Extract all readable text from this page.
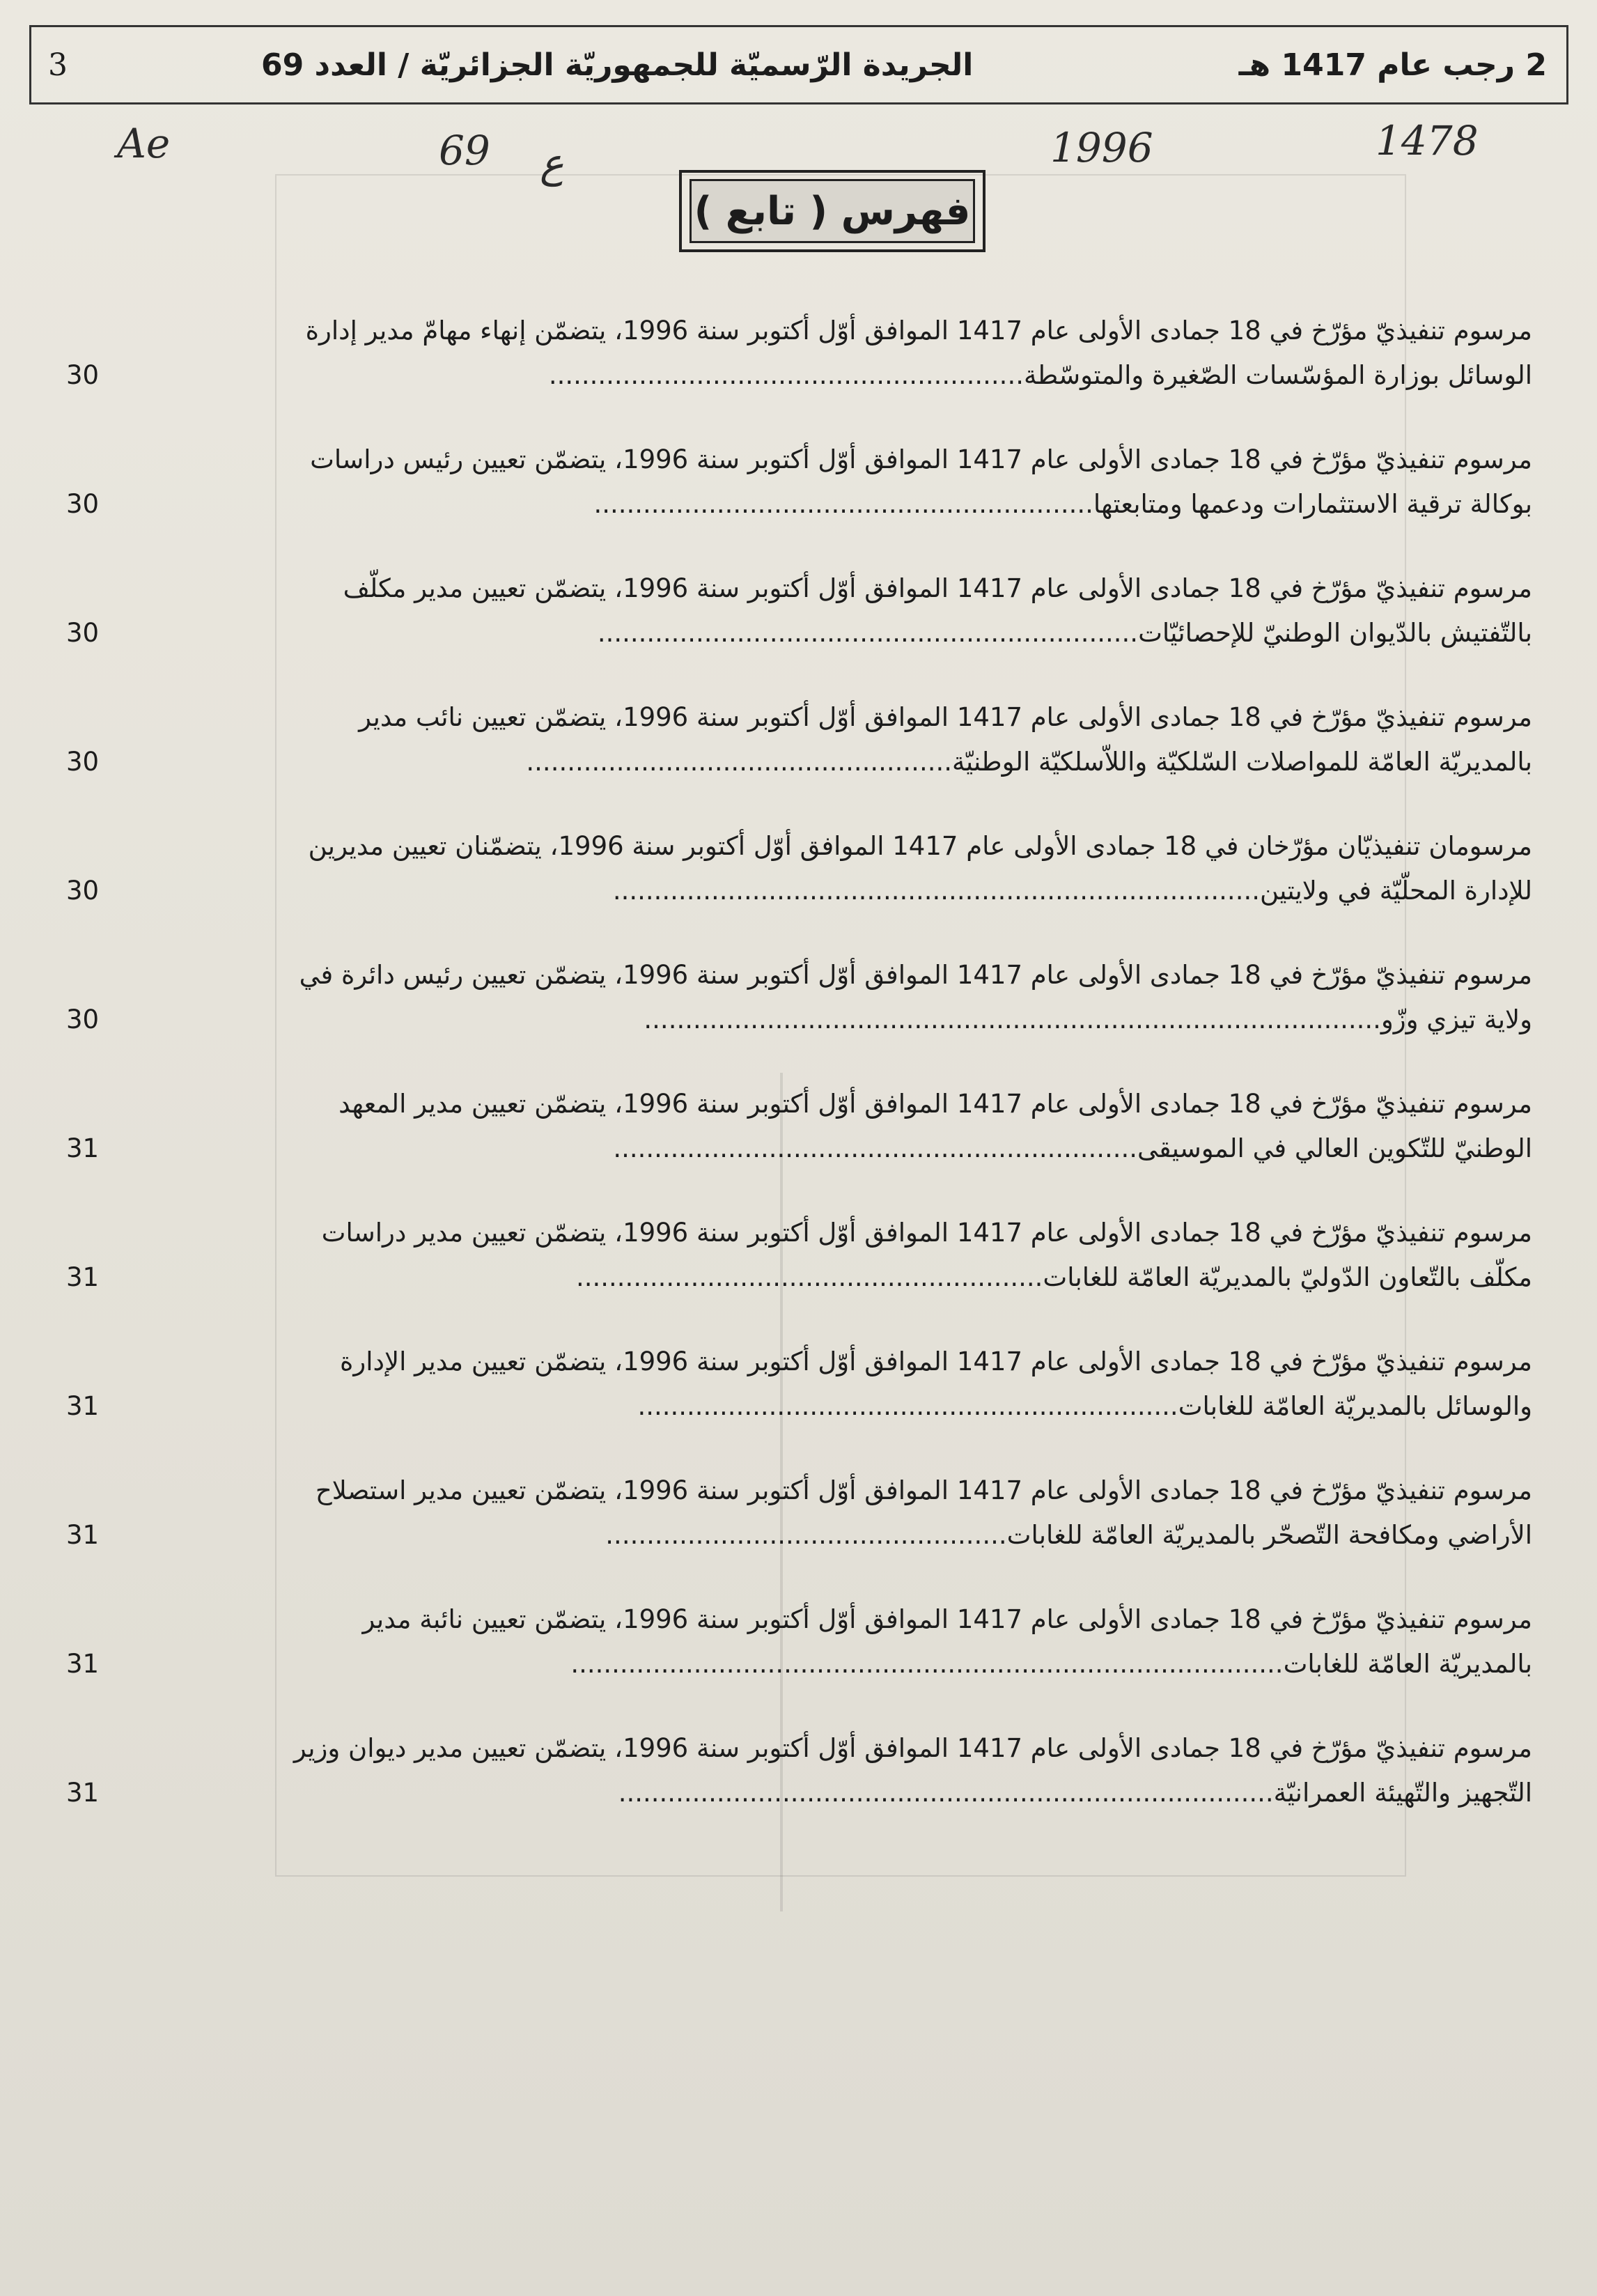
2 رجب عام 1417 هـ
الجريدة الرّسميّة للجمهوريّة الجزائريّة / العدد 69
3
Ae	69 ع	1996	1478
فهرس ( تابع )
مرسوم تنفيذيّ مؤرّخ في 18 جمادى الأولى عام 1417 الموافق أوّل أكتوبر سنة 1996، يتضمّن إنهاء مهامّ مدير إدارة
الوسائل بوزارة المؤسّسات الصّغيرة والمتوسّطة..........................................................
30
مرسوم تنفيذيّ مؤرّخ في 18 جمادى الأولى عام 1417 الموافق أوّل أكتوبر سنة 1996، يتضمّن تعيين رئيس دراسات
بوكالة ترقية الاستثمارات ودعمها ومتابعتها.............................................................
30
مرسوم تنفيذيّ مؤرّخ في 18 جمادى الأولى عام 1417 الموافق أوّل أكتوبر سنة 1996، يتضمّن تعيين مدير مكلّف
بالتّفتيش بالدّيوان الوطنيّ للإحصائيّات..................................................................
30
مرسوم تنفيذيّ مؤرّخ في 18 جمادى الأولى عام 1417 الموافق أوّل أكتوبر سنة 1996، يتضمّن تعيين نائب مدير
بالمديريّة العامّة للمواصلات السّلكيّة واللاّسلكيّة الوطنيّة....................................................
30
مرسومان تنفيذيّان مؤرّخان في 18 جمادى الأولى عام 1417 الموافق أوّل أكتوبر سنة 1996، يتضمّنان تعيين مديرين
للإدارة المحلّيّة في ولايتين...............................................................................
30
مرسوم تنفيذيّ مؤرّخ في 18 جمادى الأولى عام 1417 الموافق أوّل أكتوبر سنة 1996، يتضمّن تعيين رئيس دائرة في
ولاية تيزي وزّو..........................................................................................
30
مرسوم تنفيذيّ مؤرّخ في 18 جمادى الأولى عام 1417 الموافق أوّل أكتوبر سنة 1996، يتضمّن تعيين مدير المعهد
الوطنيّ للتّكوين العالي في الموسيقى................................................................
31
مرسوم تنفيذيّ مؤرّخ في 18 جمادى الأولى عام 1417 الموافق أوّل أكتوبر سنة 1996، يتضمّن تعيين مدير دراسات
مكلّف بالتّعاون الدّوليّ بالمديريّة العامّة للغابات.........................................................
31
مرسوم تنفيذيّ مؤرّخ في 18 جمادى الأولى عام 1417 الموافق أوّل أكتوبر سنة 1996، يتضمّن تعيين مدير الإدارة
والوسائل بالمديريّة العامّة للغابات..................................................................
31
مرسوم تنفيذيّ مؤرّخ في 18 جمادى الأولى عام 1417 الموافق أوّل أكتوبر سنة 1996، يتضمّن تعيين مدير استصلاح
الأراضي ومكافحة التّصحّر بالمديريّة العامّة للغابات.................................................
31
مرسوم تنفيذيّ مؤرّخ في 18 جمادى الأولى عام 1417 الموافق أوّل أكتوبر سنة 1996، يتضمّن تعيين نائبة مدير
بالمديريّة العامّة للغابات.......................................................................................
31
مرسوم تنفيذيّ مؤرّخ في 18 جمادى الأولى عام 1417 الموافق أوّل أكتوبر سنة 1996، يتضمّن تعيين مدير ديوان وزير
التّجهيز والتّهيئة العمرانيّة................................................................................
31
